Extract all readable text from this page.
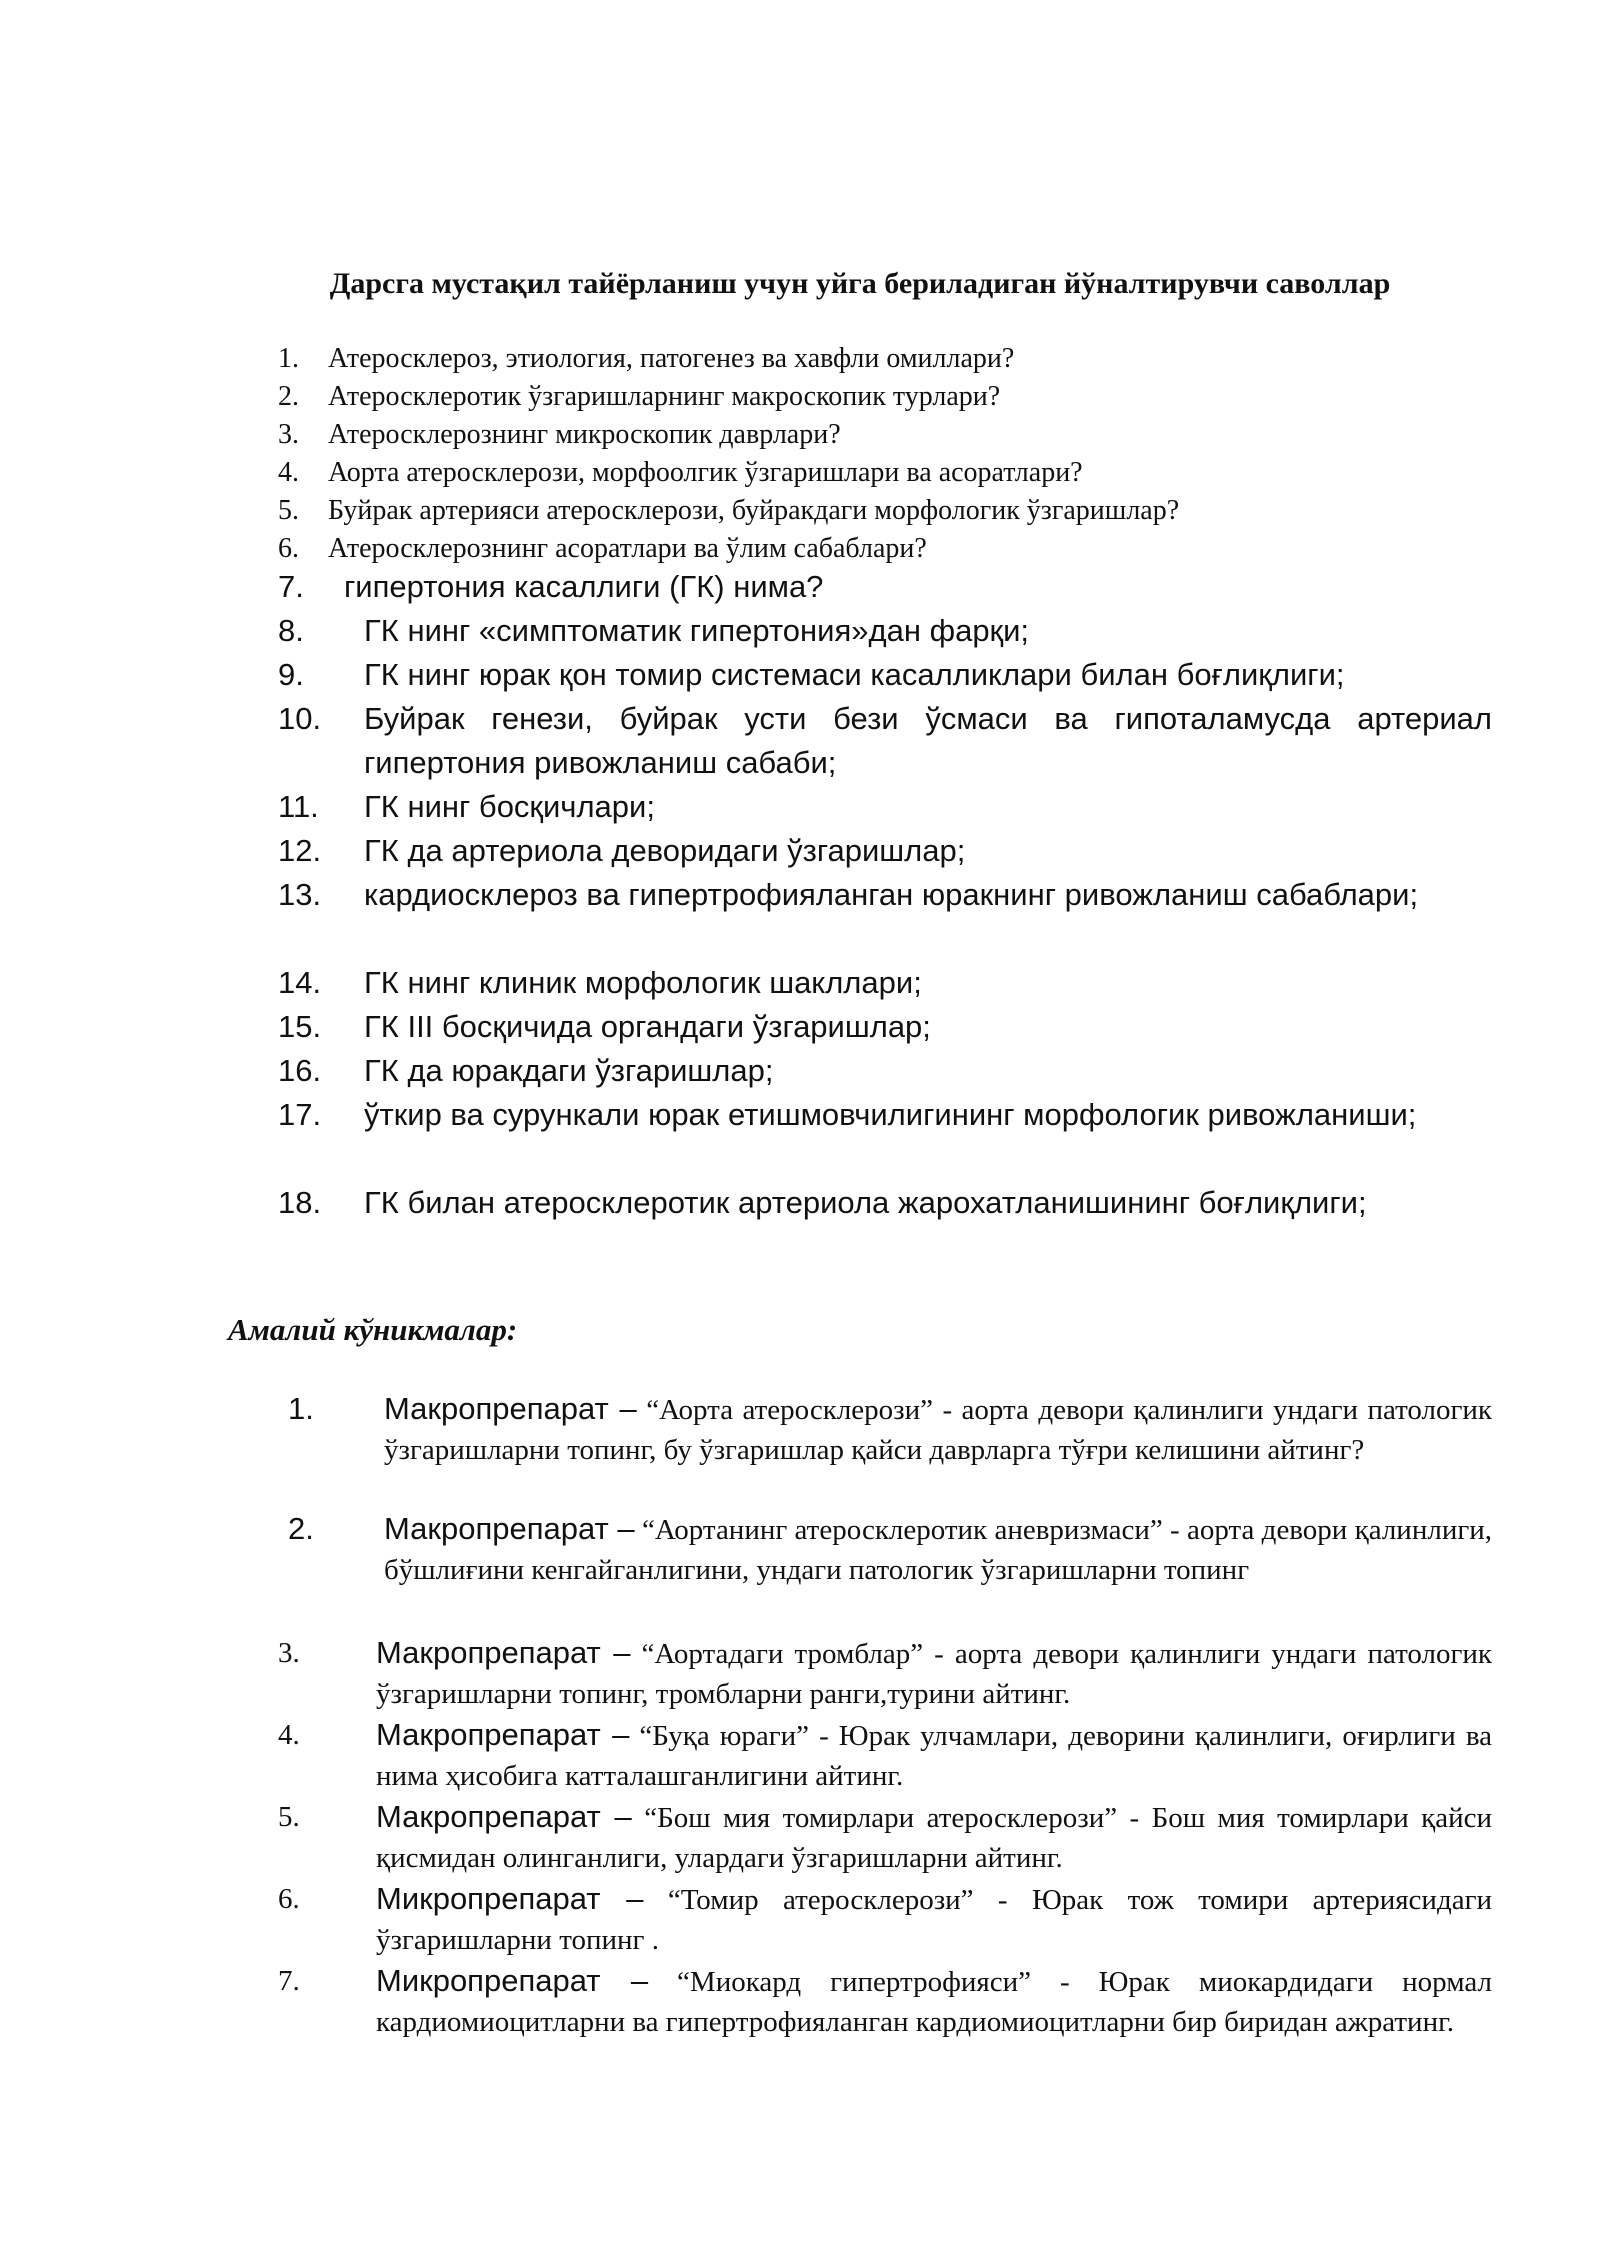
Дарсга мустақил тайёрланиш учун уйга бериладиган йўналтирувчи саволлар
1. Атеросклероз, этиология, патогенез ва хавфли омиллари?
2. Атеросклеротик ўзгаришларнинг макроскопик турлари?
3. Атеросклерознинг микроскопик даврлари?
4. Аорта атеросклерози, морфоолгик ўзгаришлари ва асоратлари?
5. Буйрак артерияси атеросклерози, буйракдаги морфологик ўзгаришлар?
6. Атеросклерознинг асоратлари ва ўлим сабаблари?
7. гипертония касаллиги (ГК) нима?
8. ГК нинг «симптоматик гипертония»дан фарқи;
9. ГК нинг юрак қон томир системаси касалликлари билан боғлиқлиги;
10. Буйрак генези, буйрак усти бези ўсмаси ва гипоталамусда артериал гипертония ривожланиш сабаби;
11. ГК нинг босқичлари;
12. ГК да артериола деворидаги ўзгаришлар;
13. кардиосклероз ва гипертрофияланган юракнинг ривожланиш сабаблари;
14. ГК нинг клиник морфологик шакллари;
15. ГК III босқичида органдаги ўзгаришлар;
16. ГК да юракдаги ўзгаришлар;
17. ўткир ва сурункали юрак етишмовчилигининг морфологик ривожланиши;
18. ГК билан атеросклеротик артериола жарохатланишининг боғлиқлиги;
Амалий кўникмалар:
1. Макропрепарат – “Аорта атеросклерози” - аорта девори қалинлиги ундаги патологик ўзгаришларни топинг, бу ўзгаришлар қайси даврларга тўғри келишини айтинг?
2. Макропрепарат – “Аортанинг атеросклеротик аневризмаси” - аорта девори қалинлиги, бўшлиғини кенгайганлигини, ундаги патологик ўзгаришларни топинг
3. Макропрепарат – “Аортадаги тромблар” - аорта девори қалинлиги ундаги патологик ўзгаришларни топинг, тромбларни ранги,турини айтинг.
4. Макропрепарат – “Буқа юраги” - Юрак улчамлари, деворини қалинлиги, оғирлиги ва нима ҳисобига катталашганлигини айтинг.
5. Макропрепарат – “Бош мия томирлари атеросклерози” - Бош мия томирлари қайси қисмидан олинганлиги, улардаги ўзгаришларни айтинг.
6. Микропрепарат – “Томир атеросклерози” - Юрак тож томири артериясидаги ўзгаришларни топинг .
7. Микропрепарат – “Миокард гипертрофияси” - Юрак миокардидаги нормал кардиомиоцитларни ва гипертрофияланган кардиомиоцитларни бир биридан ажратинг.
